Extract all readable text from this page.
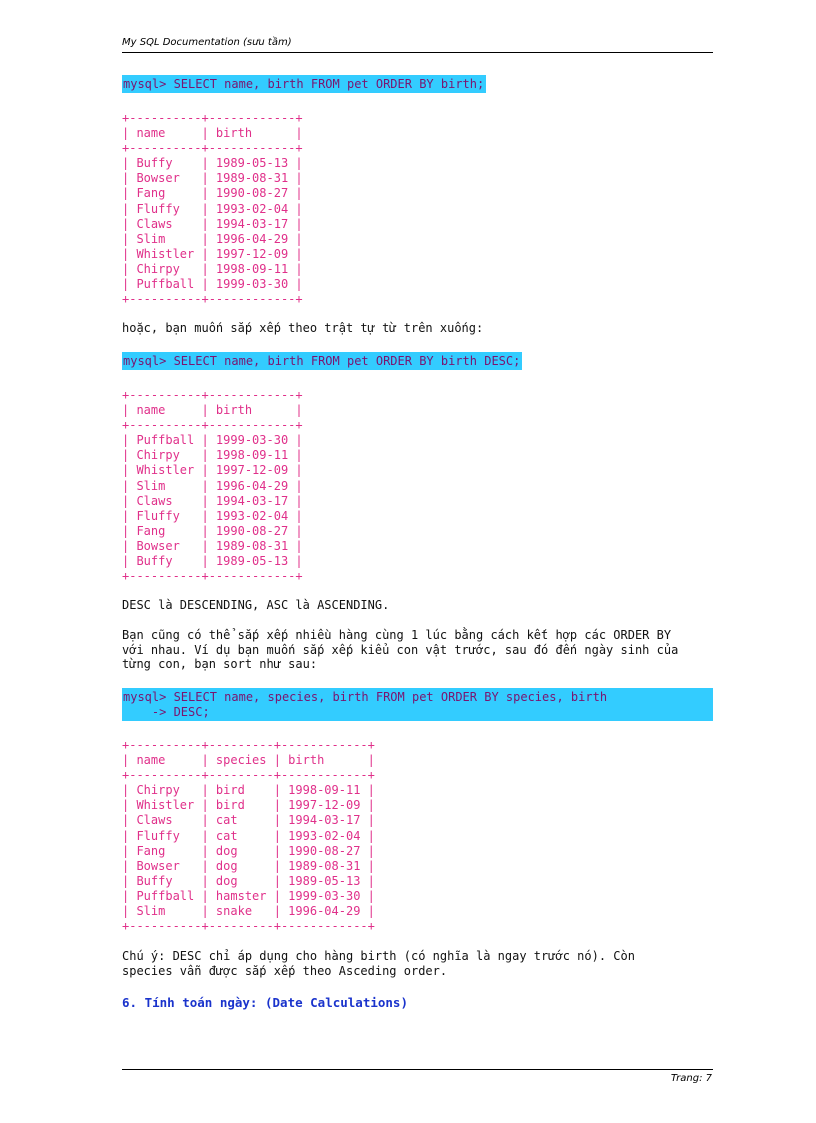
My SQL Documentation (sưu tầm)
mysql> SELECT name, birth FROM pet ORDER BY birth;
+----------+------------+
| name     | birth      |
+----------+------------+
| Buffy    | 1989-05-13 |
| Bowser   | 1989-08-31 |
| Fang     | 1990-08-27 |
| Fluffy   | 1993-02-04 |
| Claws    | 1994-03-17 |
| Slim     | 1996-04-29 |
| Whistler | 1997-12-09 |
| Chirpy   | 1998-09-11 |
| Puffball | 1999-03-30 |
+----------+------------+
hoặc, bạn muốn sắp xếp theo trật tự từ trên xuống:
mysql> SELECT name, birth FROM pet ORDER BY birth DESC;
+----------+------------+
| name     | birth      |
+----------+------------+
| Puffball | 1999-03-30 |
| Chirpy   | 1998-09-11 |
| Whistler | 1997-12-09 |
| Slim     | 1996-04-29 |
| Claws    | 1994-03-17 |
| Fluffy   | 1993-02-04 |
| Fang     | 1990-08-27 |
| Bowser   | 1989-08-31 |
| Buffy    | 1989-05-13 |
+----------+------------+
DESC là DESCENDING, ASC là ASCENDING.
Bạn cũng có thể sắp xếp nhiều hàng cùng 1 lúc bằng cách kết hợp các ORDER BY
với nhau. Ví dụ bạn muốn sắp xếp kiểu con vật trước, sau đó đến ngày sinh của
từng con, bạn sort như sau:
mysql> SELECT name, species, birth FROM pet ORDER BY species, birth
-> DESC;
+----------+---------+------------+
| name     | species | birth      |
+----------+---------+------------+
| Chirpy   | bird    | 1998-09-11 |
| Whistler | bird    | 1997-12-09 |
| Claws    | cat     | 1994-03-17 |
| Fluffy   | cat     | 1993-02-04 |
| Fang     | dog     | 1990-08-27 |
| Bowser   | dog     | 1989-08-31 |
| Buffy    | dog     | 1989-05-13 |
| Puffball | hamster | 1999-03-30 |
| Slim     | snake   | 1996-04-29 |
+----------+---------+------------+
Chú ý: DESC chỉ áp dụng cho hàng birth (có nghĩa là ngay trước nó). Còn
species vẫn được sắp xếp theo Asceding order.
6. Tính toán ngày: (Date Calculations)
Trang: 7
